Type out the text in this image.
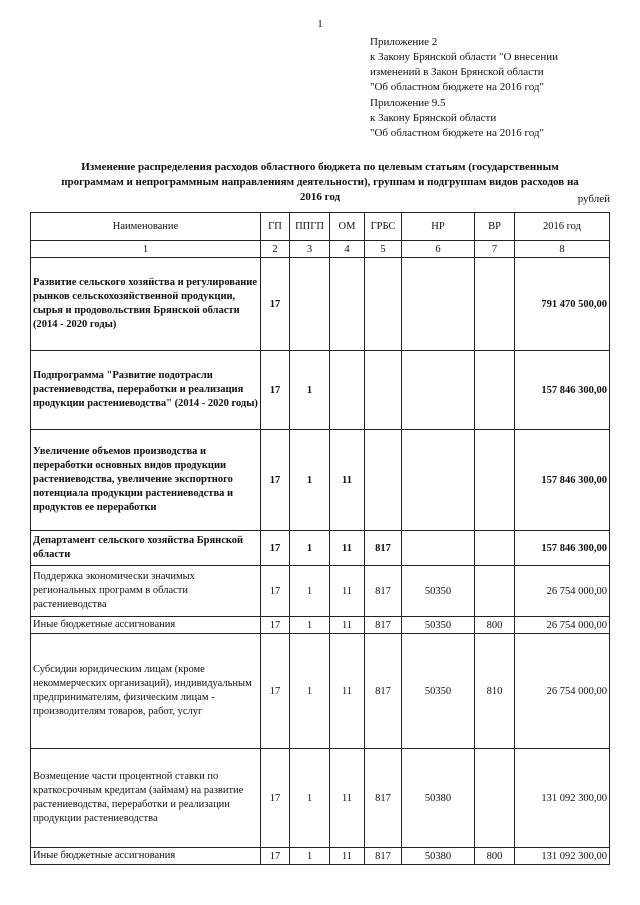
1
Приложение 2
к Закону Брянской области "О внесении
изменений в Закон Брянской области
"Об областном бюджете на 2016 год"
Приложение 9.5
к Закону Брянской области
"Об областном бюджете на 2016 год"
Изменение распределения расходов областного бюджета по целевым статьям (государственным
программам и непрограммным направлениям деятельности), группам и подгруппам видов расходов на
2016 год	рублей
Наименование	ГП	ППГП	ОМ	ГРБС	НР	ВР	2016 год
1	2	3	4	5	6	7	8
Развитие сельского хозяйства и регулирование рынков сельскохозяйственной продукции, сырья и продовольствия Брянской области (2014 - 2020 годы)	17						791 470 500,00
Подпрограмма "Развитие подотрасли растениеводства, переработки и реализация продукции растениеводства" (2014 - 2020 годы)	17	1					157 846 300,00
Увеличение объемов производства и переработки основных видов продукции растениеводства, увеличение экспортного потенциала продукции растениеводства и продуктов ее переработки	17	1	11				157 846 300,00
Департамент сельского хозяйства Брянской области	17	1	11	817			157 846 300,00
Поддержка экономически значимых региональных программ в области растениеводства	17	1	11	817	50350		26 754 000,00
Иные бюджетные ассигнования	17	1	11	817	50350	800	26 754 000,00
Субсидии юридическим лицам (кроме некоммерческих организаций), индивидуальным предпринимателям, физическим лицам - производителям товаров, работ, услуг	17	1	11	817	50350	810	26 754 000,00
Возмещение части процентной ставки по краткосрочным кредитам (займам) на развитие растениеводства, переработки и реализации продукции растениеводства	17	1	11	817	50380		131 092 300,00
Иные бюджетные ассигнования	17	1	11	817	50380	800	131 092 300,00
